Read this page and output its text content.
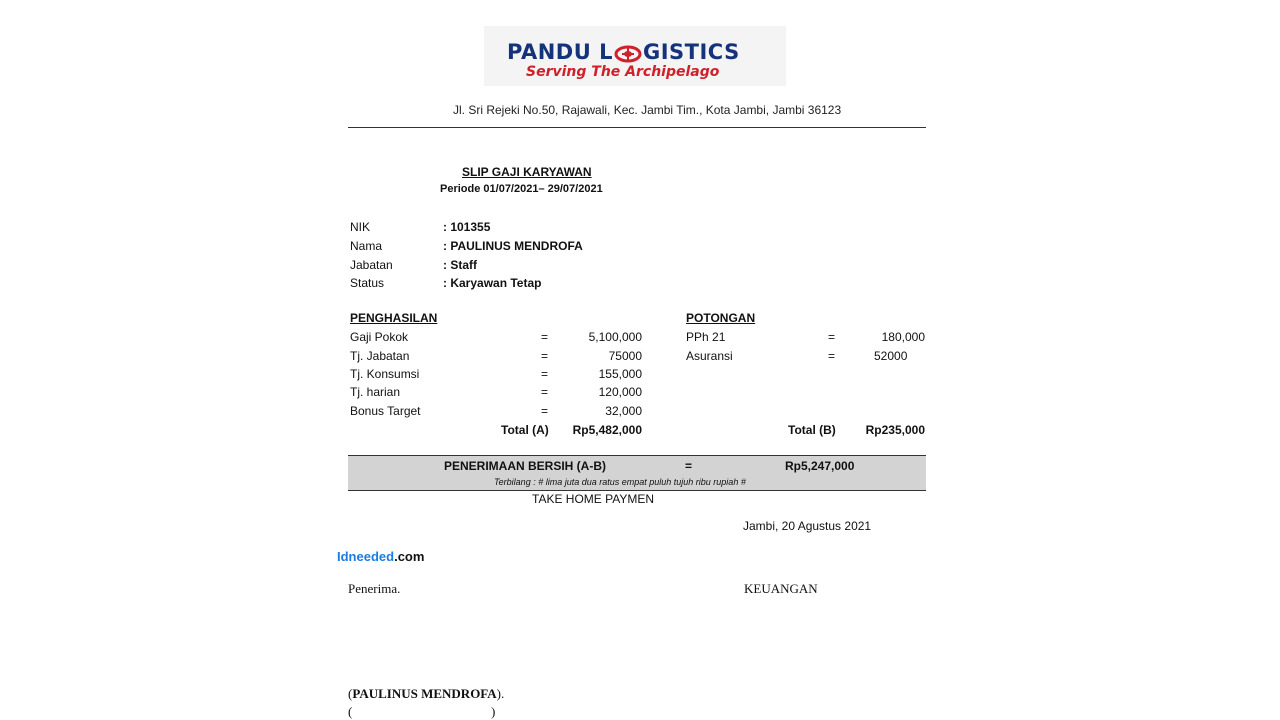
PANDU L GISTICS
Serving The Archipelago
Jl. Sri Rejeki No.50, Rajawali, Kec. Jambi Tim., Kota Jambi, Jambi 36123
SLIP GAJI KARYAWAN
Periode 01/07/2021– 29/07/2021
NIK	: 101355
Nama	: PAULINUS MENDROFA
Jabatan	: Staff
Status	: Karyawan Tetap
PENGHASILAN
Gaji Pokok	=	5,100,000
Tj. Jabatan	=	75000
Tj. Konsumsi	=	155,000
Tj. harian	=	120,000
Bonus Target	=	32,000
Total (A)	Rp5,482,000
POTONGAN
PPh 21	=	180,000
Asuransi	=	52000
Total (B)	Rp235,000
PENERIMAAN BERSIH (A-B)	=	Rp5,247,000
Terbilang : # lima juta dua ratus empat puluh tujuh ribu rupiah #
TAKE HOME PAYMEN
Jambi, 20 Agustus 2021
Idneeded.com
Penerima.	KEUANGAN
(PAULINUS MENDROFA).
(	)
